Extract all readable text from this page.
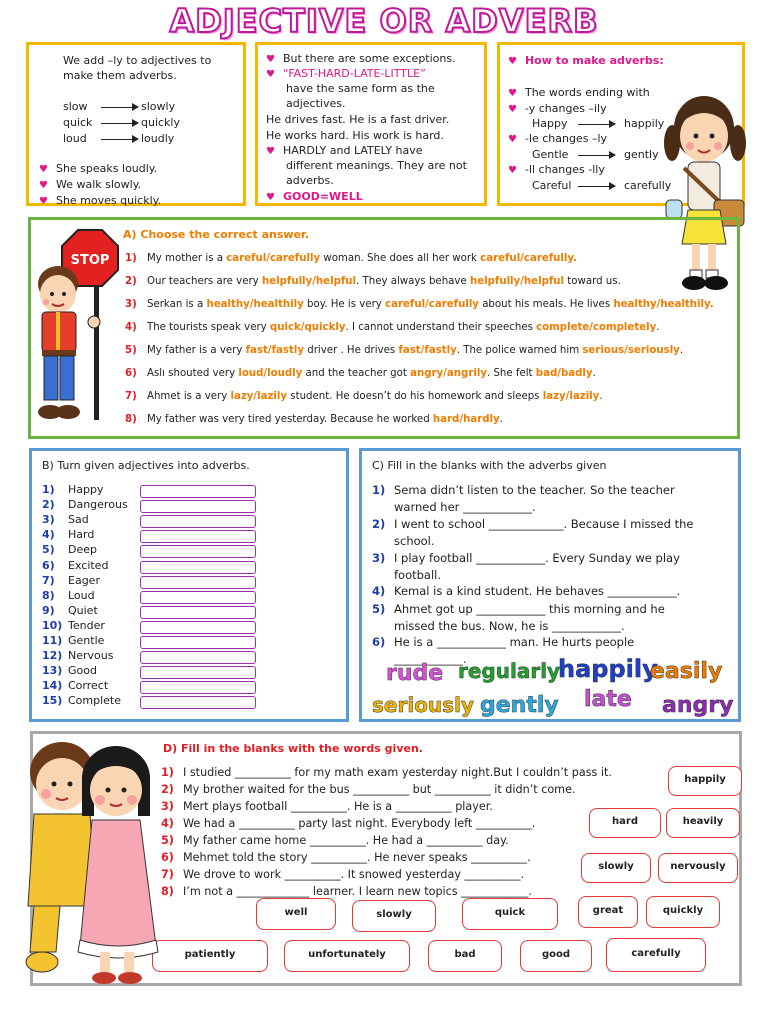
ADJECTIVE OR ADVERB
We add –ly to adjectives to
make them adverbs.
slow	slowly
quick	quickly
loud	loudly
♥ She speaks loudly.
♥ We walk slowly.
♥ She moves quickly.
♥ But there are some exceptions.
♥ “FAST-HARD-LATE-LITTLE”
have the same form as the
adjectives.
He drives fast. He is a fast driver.
He works hard. His work is hard.
♥ HARDLY and LATELY have
different meanings. They are not
adverbs.
♥ GOOD=WELL
♥ How to make adverbs:
♥ The words ending with
♥ -y changes –ily
Happy	happily
♥ -le changes –ly
Gentle	gently
♥ -ll changes -lly
Careful	carefully
A) Choose the correct answer.
1) My mother is a careful/carefully woman. She does all her work careful/carefully.
2) Our teachers are very helpfully/helpful. They always behave helpfully/helpful toward us.
3) Serkan is a healthy/healthily boy. He is very careful/carefully about his meals. He lives healthy/healthily.
4) The tourists speak very quick/quickly. I cannot understand their speeches complete/completely.
5) My father is a very fast/fastly driver . He drives fast/fastly. The police warned him serious/seriously.
6) Aslı shouted very loud/loudly and the teacher got angry/angrily. She felt bad/badly.
7) Ahmet is a very lazy/lazily student. He doesn’t do his homework and sleeps lazy/lazily.
8) My father was very tired yesterday. Because he worked hard/hardly.
STOP
B) Turn given adjectives into adverbs.
1) Happy
2) Dangerous
3) Sad
4) Hard
5) Deep
6) Excited
7) Eager
8) Loud
9) Quiet
10) Tender
11) Gentle
12) Nervous
13) Good
14) Correct
15) Complete
C) Fill in the blanks with the adverbs given
1) Sema didn’t listen to the teacher. So the teacher
warned her ____________.
2) I went to school _____________. Because I missed the
school.
3) I play football ____________. Every Sunday we play
football.
4) Kemal is a kind student. He behaves ____________.
5) Ahmet got up ____________ this morning and he
missed the bus. Now, he is ____________.
6) He is a ____________ man. He hurts people
____________.
rude regularly
happily
easily
seriously gently late angry
D) Fill in the blanks with the words given.
1) I studied __________ for my math exam yesterday night.But I couldn’t pass it.
2) My brother waited for the bus __________ but __________ it didn’t come.
3) Mert plays football __________. He is a __________ player.
4) We had a __________ party last night. Everybody left __________.
5) My father came home __________. He had a __________ day.
6) Mehmet told the story __________. He never speaks __________.
7) We drove to work __________. It snowed yesterday __________.
8) I’m not a _____________ learner. I learn new topics ____________.
happily
hard	heavily
slowly	nervously
well	slowly	quick	great	quickly
patiently	unfortunately	bad	good	carefully
